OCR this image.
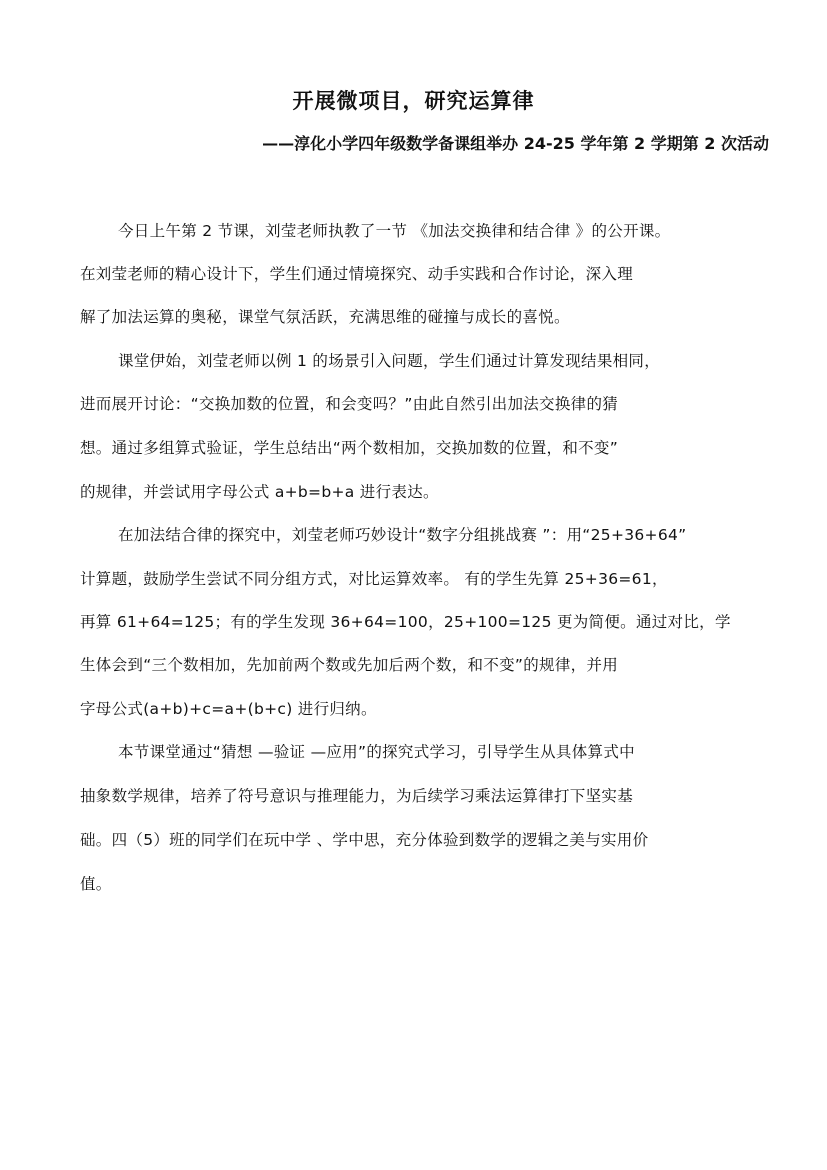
开展微项目，研究运算律
——淳化小学四年级数学备课组举办 24-25 学年第 2 学期第 2 次活动
今日上午第 2 节课，刘莹老师执教了一节 《加法交换律和结合律 》的公开课。
在刘莹老师的精心设计下，学生们通过情境探究、动手实践和合作讨论，深入理
解了加法运算的奥秘，课堂气氛活跃，充满思维的碰撞与成长的喜悦。
课堂伊始，刘莹老师以例 1 的场景引入问题，学生们通过计算发现结果相同，
进而展开讨论：“交换加数的位置，和会变吗？”由此自然引出加法交换律的猜
想。通过多组算式验证，学生总结出“两个数相加，交换加数的位置，和不变”
的规律，并尝试用字母公式 a+b=b+a 进行表达。
在加法结合律的探究中，刘莹老师巧妙设计“数字分组挑战赛 ”：用“25+36+64”
计算题，鼓励学生尝试不同分组方式，对比运算效率。 有的学生先算 25+36=61，
再算 61+64=125；有的学生发现 36+64=100，25+100=125 更为简便。通过对比，学
生体会到“三个数相加，先加前两个数或先加后两个数，和不变”的规律，并用
字母公式(a+b)+c=a+(b+c) 进行归纳。
本节课堂通过“猜想 —验证 —应用”的探究式学习，引导学生从具体算式中
抽象数学规律，培养了符号意识与推理能力，为后续学习乘法运算律打下坚实基
础。四（5）班的同学们在玩中学 、学中思，充分体验到数学的逻辑之美与实用价
值。
